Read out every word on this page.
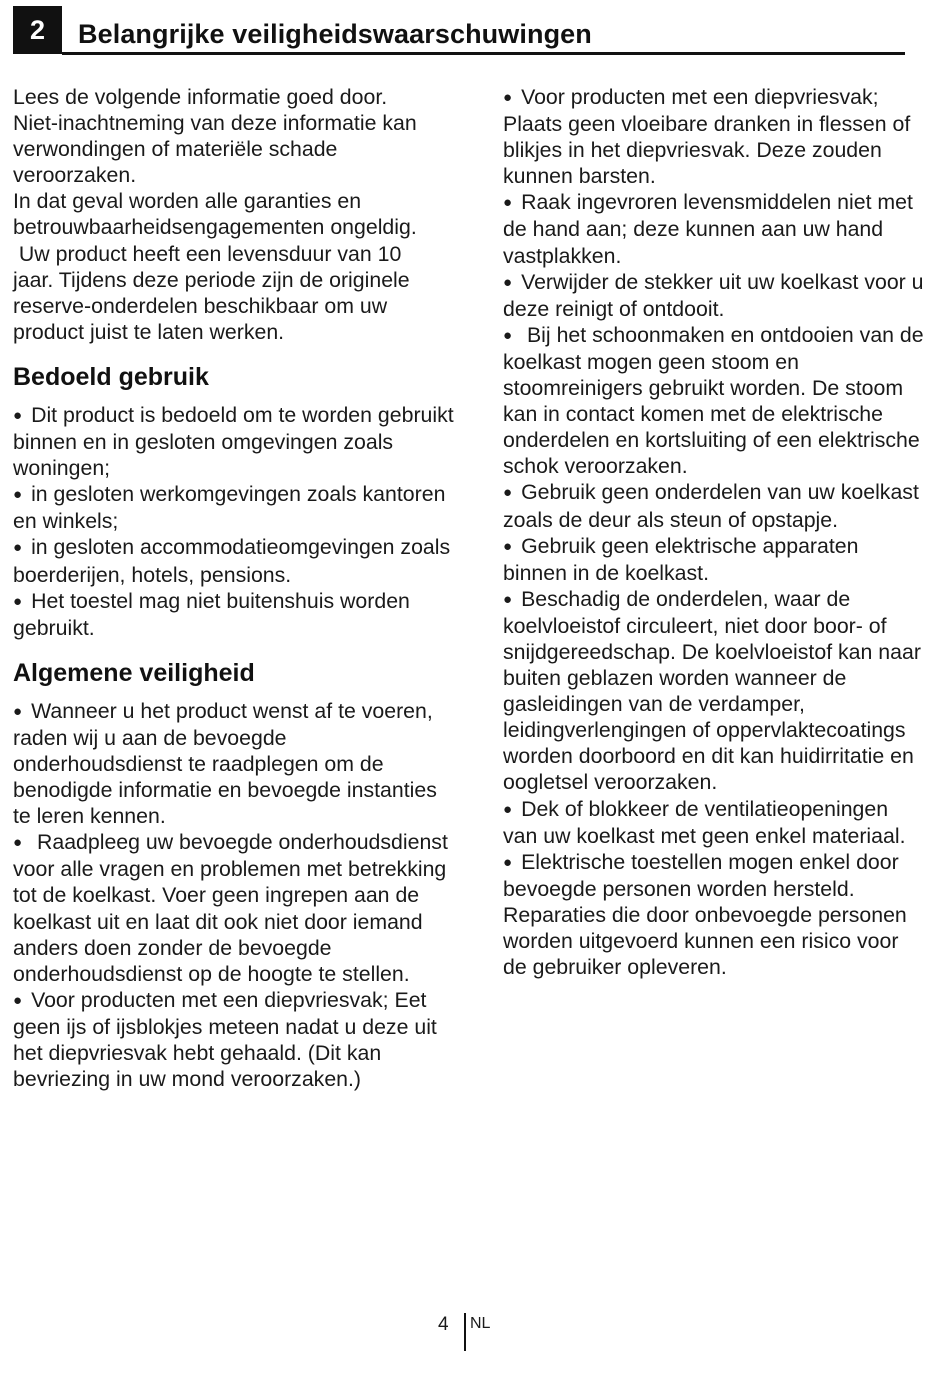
2	Belangrijke veiligheidswaarschuwingen
Lees de volgende informatie goed door.
Niet-inachtneming van deze informatie kan
verwondingen of materiële schade
veroorzaken.
In dat geval worden alle garanties en
betrouwbaarheidsengagementen ongeldig.
Uw product heeft een levensduur van 10
jaar. Tijdens deze periode zijn de originele
reserve-onderdelen beschikbaar om uw
product juist te laten werken.
Bedoeld gebruik

● Dit product is bedoeld om te worden gebruikt binnen en in gesloten omgevingen zoals woningen;

● in gesloten werkomgevingen zoals kantoren en winkels;

● in gesloten accommodatieomgevingen zoals boerderijen, hotels, pensions.

● Het toestel mag niet buitenshuis worden gebruikt.

Algemene veiligheid

● Wanneer u het product wenst af te voeren, raden wij u aan de bevoegde onderhoudsdienst te raadplegen om de benodigde informatie en bevoegde instanties te leren kennen.

● Raadpleeg uw bevoegde onderhoudsdienst voor alle vragen en problemen met betrekking tot de koelkast. Voer geen ingrepen aan de koelkast uit en laat dit ook niet door iemand anders doen zonder de bevoegde onderhoudsdienst op de hoogte te stellen.

● Voor producten met een diepvriesvak; Eet geen ijs of ijsblokjes meteen nadat u deze uit het diepvriesvak hebt gehaald. (Dit kan bevriezing in uw mond veroorzaken.)

● Voor producten met een diepvriesvak; Plaats geen vloeibare dranken in flessen of blikjes in het diepvriesvak. Deze zouden kunnen barsten.

● Raak ingevroren levensmiddelen niet met de hand aan; deze kunnen aan uw hand vastplakken.

● Verwijder de stekker uit uw koelkast voor u deze reinigt of ontdooit.

● Bij het schoonmaken en ontdooien van de koelkast mogen geen stoom en stoomreinigers gebruikt worden. De stoom kan in contact komen met de elektrische onderdelen en kortsluiting of een elektrische schok veroorzaken.

● Gebruik geen onderdelen van uw koelkast zoals de deur als steun of opstapje.

● Gebruik geen elektrische apparaten binnen in de koelkast.

● Beschadig de onderdelen, waar de koelvloeistof circuleert, niet door boor- of snijdgereedschap. De koelvloeistof kan naar buiten geblazen worden wanneer de gasleidingen van de verdamper, leidingverlengingen of oppervlaktecoatings worden doorboord en dit kan huidirritatie en oogletsel veroorzaken.

● Dek of blokkeer de ventilatieopeningen van uw koelkast met geen enkel materiaal.

● Elektrische toestellen mogen enkel door bevoegde personen worden hersteld. Reparaties die door onbevoegde personen worden uitgevoerd kunnen een risico voor de gebruiker opleveren.

4 NL
